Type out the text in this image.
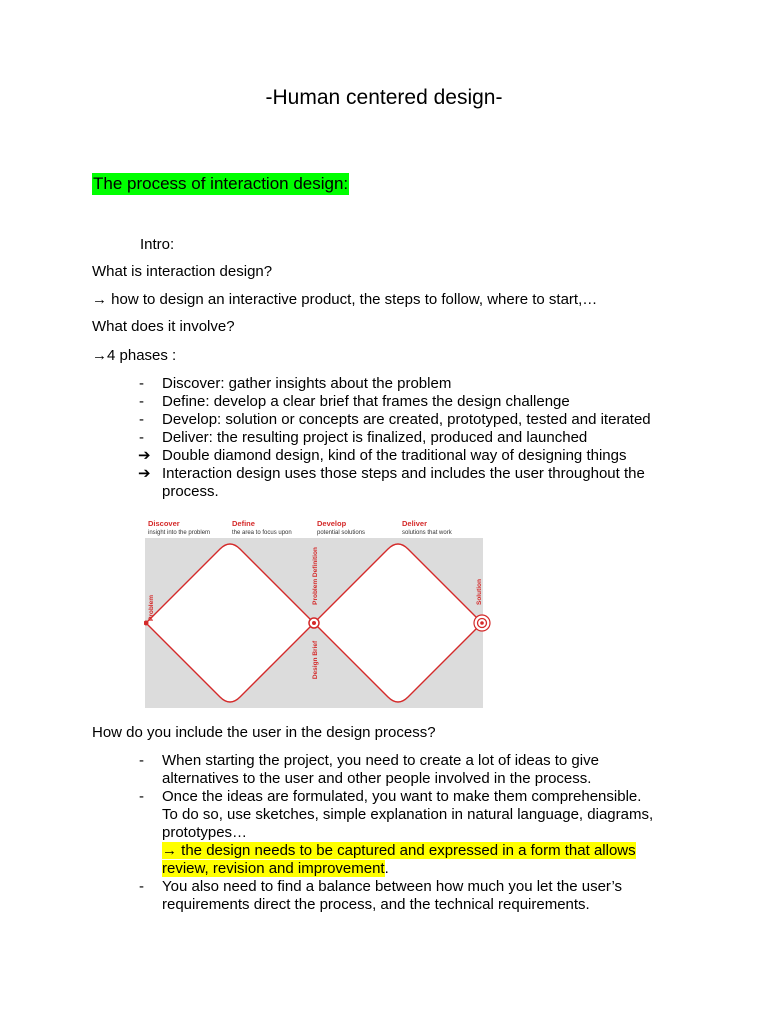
-Human centered design-
The process of interaction design:
Intro:
What is interaction design?
→ how to design an interactive product, the steps to follow, where to start,…
What does it involve?
→4 phases :
- Discover: gather insights about the problem
- Define: develop a clear brief that frames the design challenge
- Develop: solution or concepts are created, prototyped, tested and iterated
- Deliver: the resulting project is finalized, produced and launched
➔ Double diamond design, kind of the traditional way of designing things
➔ Interaction design uses those steps and includes the user throughout the
process.
Discover
insight into the problem
Define
the area to focus upon
Develop
potential solutions
Deliver
solutions that work
Problem
Problem Definition
Design Brief
Solution
How do you include the user in the design process?
- When starting the project, you need to create a lot of ideas to give
alternatives to the user and other people involved in the process.
- Once the ideas are formulated, you want to make them comprehensible.
To do so, use sketches, simple explanation in natural language, diagrams,
prototypes…
→ the design needs to be captured and expressed in a form that allows
review, revision and improvement.
- You also need to find a balance between how much you let the user’s
requirements direct the process, and the technical requirements.
